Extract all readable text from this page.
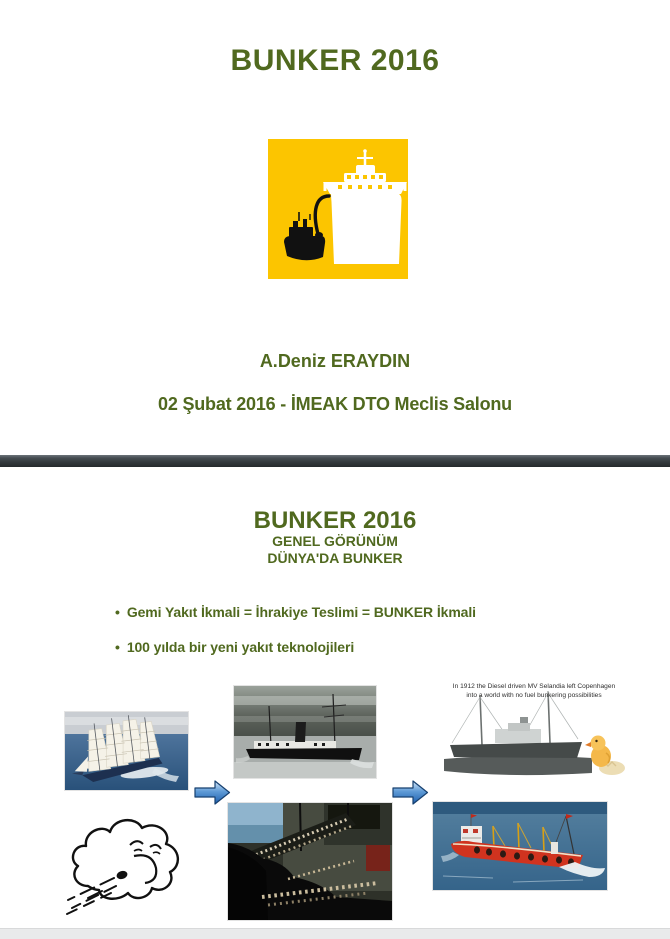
BUNKER 2016
A.Deniz ERAYDIN
02 Şubat 2016 - İMEAK DTO Meclis Salonu
BUNKER 2016
GENEL GÖRÜNÜM
DÜNYA'DA BUNKER
• Gemi Yakıt İkmali = İhrakiye Teslimi = BUNKER İkmali
• 100 yılda bir yeni yakıt teknolojileri
In 1912 the Diesel driven MV Selandia left Copenhagen
into a world with no fuel bunkering possibilities
